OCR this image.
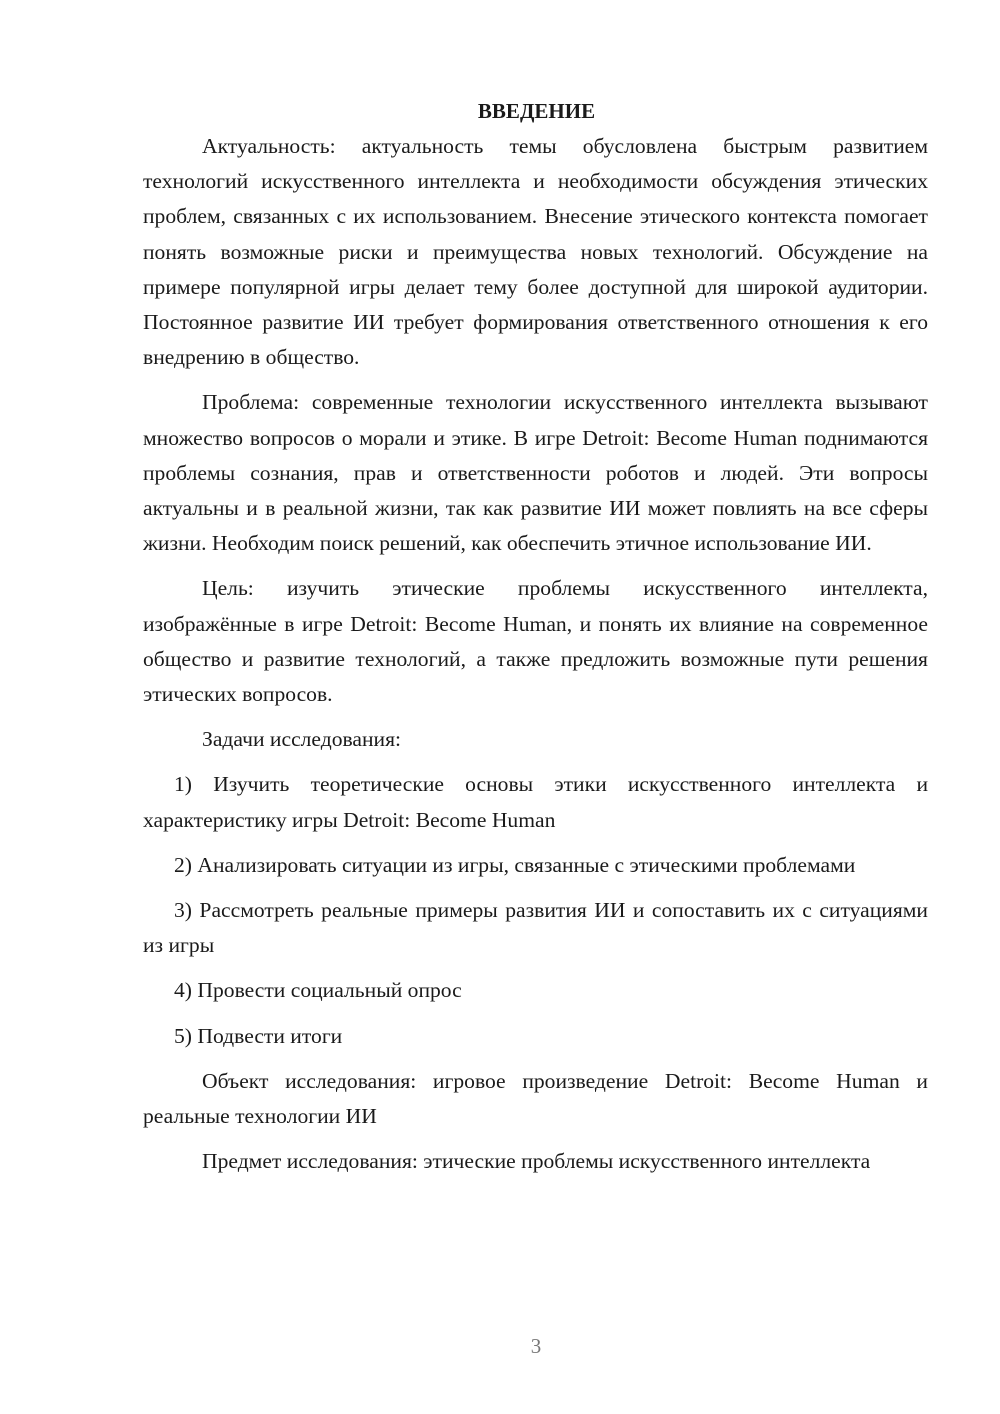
ВВЕДЕНИЕ

Актуальность: актуальность темы обусловлена быстрым развитием технологий искусственного интеллекта и необходимости обсуждения этических проблем, связанных с их использованием. Внесение этического контекста помогает понять возможные риски и преимущества новых технологий. Обсуждение на примере популярной игры делает тему более доступной для широкой аудитории. Постоянное развитие ИИ требует формирования ответственного отношения к его внедрению в общество.

Проблема: современные технологии искусственного интеллекта вызывают множество вопросов о морали и этике. В игре Detroit: Become Human поднимаются проблемы сознания, прав и ответственности роботов и людей. Эти вопросы актуальны и в реальной жизни, так как развитие ИИ может повлиять на все сферы жизни. Необходим поиск решений, как обеспечить этичное использование ИИ.

Цель: изучить этические проблемы искусственного интеллекта, изображённые в игре Detroit: Become Human, и понять их влияние на современное общество и развитие технологий, а также предложить возможные пути решения этических вопросов.

Задачи исследования:

1) Изучить теоретические основы этики искусственного интеллекта и характеристику игры Detroit: Become Human

2) Анализировать ситуации из игры, связанные с этическими проблемами

3) Рассмотреть реальные примеры развития ИИ и сопоставить их с ситуациями из игры

4) Провести социальный опрос

5) Подвести итоги

Объект исследования: игровое произведение Detroit: Become Human и реальные технологии ИИ

Предмет исследования: этические проблемы искусственного интеллекта

3
